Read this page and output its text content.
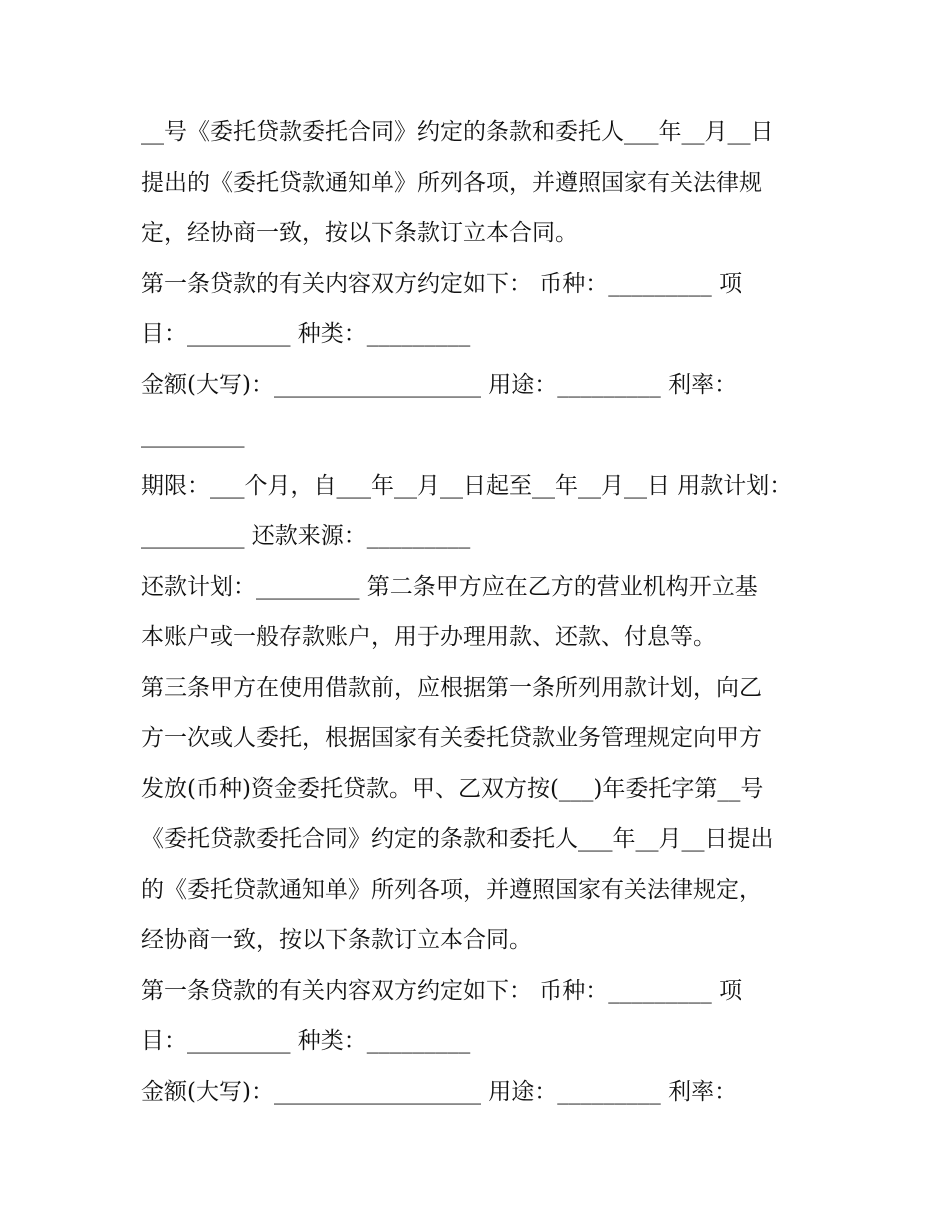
__号《委托贷款委托合同》约定的条款和委托人___年__月__日
提出的《委托贷款通知单》所列各项，并遵照国家有关法律规
定，经协商一致，按以下条款订立本合同。
第一条贷款的有关内容双方约定如下： 币种：_________ 项
目：_________ 种类：_________
金额(大写)：__________________ 用途：_________ 利率：
_________
期限：___个月，自___年__月__日起至__年__月__日 用款计划：
_________ 还款来源：_________
还款计划：_________ 第二条甲方应在乙方的营业机构开立基
本账户或一般存款账户，用于办理用款、还款、付息等。
第三条甲方在使用借款前，应根据第一条所列用款计划，向乙
方一次或人委托，根据国家有关委托贷款业务管理规定向甲方
发放(币种)资金委托贷款。甲、乙双方按(___)年委托字第__号
《委托贷款委托合同》约定的条款和委托人___年__月__日提出
的《委托贷款通知单》所列各项，并遵照国家有关法律规定，
经协商一致，按以下条款订立本合同。
第一条贷款的有关内容双方约定如下： 币种：_________ 项
目：_________ 种类：_________
金额(大写)：__________________ 用途：_________ 利率：
